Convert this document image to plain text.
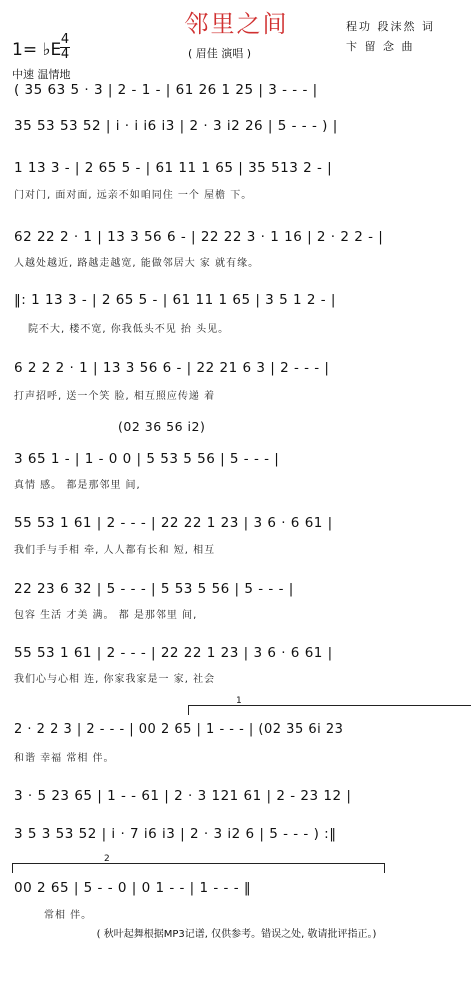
邻里之间	程功 段沫然 词
卞 留 念 曲
( 眉佳 演唱 )
1= ♭E
4
4
中速 温情地
( 35 63 5 · 3 | 2 - 1 - | 61 26 1 25 | 3 - - - |
35 53 53 52 | i · i i6 i3 | 2 · 3 i2 26 | 5 - - - ) |
1 13 3 - | 2 65 5 - | 61 11 1 65 | 35 513 2 - |
门对门, 面对面, 远亲不如咱同住 一个 屋檐 下。
62 22 2 · 1 | 13 3 56 6 - | 22 22 3 · 1 16 | 2 · 2 2 - |
人越处越近, 路越走越宽, 能做邻居大 家 就有缘。
‖: 1 13 3 - | 2 65 5 - | 61 11 1 65 | 3 5 1 2 - |
院不大, 楼不宽, 你我低头不见 抬 头见。
6 2 2 2 · 1 | 13 3 56 6 - | 22 21 6 3 | 2 - - - |
打声招呼, 送一个笑 脸, 相互照应传递 着
(02 36 56 i2)
3 65 1 - | 1 - 0 0 | 5 53 5 56 | 5 - - - |
真情 感。 都是那邻里 间,
55 53 1 61 | 2 - - - | 22 22 1 23 | 3 6 · 6 61 |
我们手与手相 牵, 人人都有长和 短, 相互
22 23 6 32 | 5 - - - | 5 53 5 56 | 5 - - - |
包容 生活 才美 满。 都 是那邻里 间,
55 53 1 61 | 2 - - - | 22 22 1 23 | 3 6 · 6 61 |
我们心与心相 连, 你家我家是一 家, 社会
1
2 · 2 2 3 | 2 - - - | 00 2 65 | 1 - - - | (02 35 6i 23
和谐 幸福 常相 伴。
3 · 5 23 65 | 1 - - 61 | 2 · 3 121 61 | 2 - 23 12 |
3 5 3 53 52 | i · 7 i6 i3 | 2 · 3 i2 6 | 5 - - - ) :‖
2
00 2 65 | 5 - - 0 | 0 1 - - | 1 - - - ‖
常相 伴。
( 秋叶起舞根据MP3记谱, 仅供参考。错误之处, 敬请批评指正。)
